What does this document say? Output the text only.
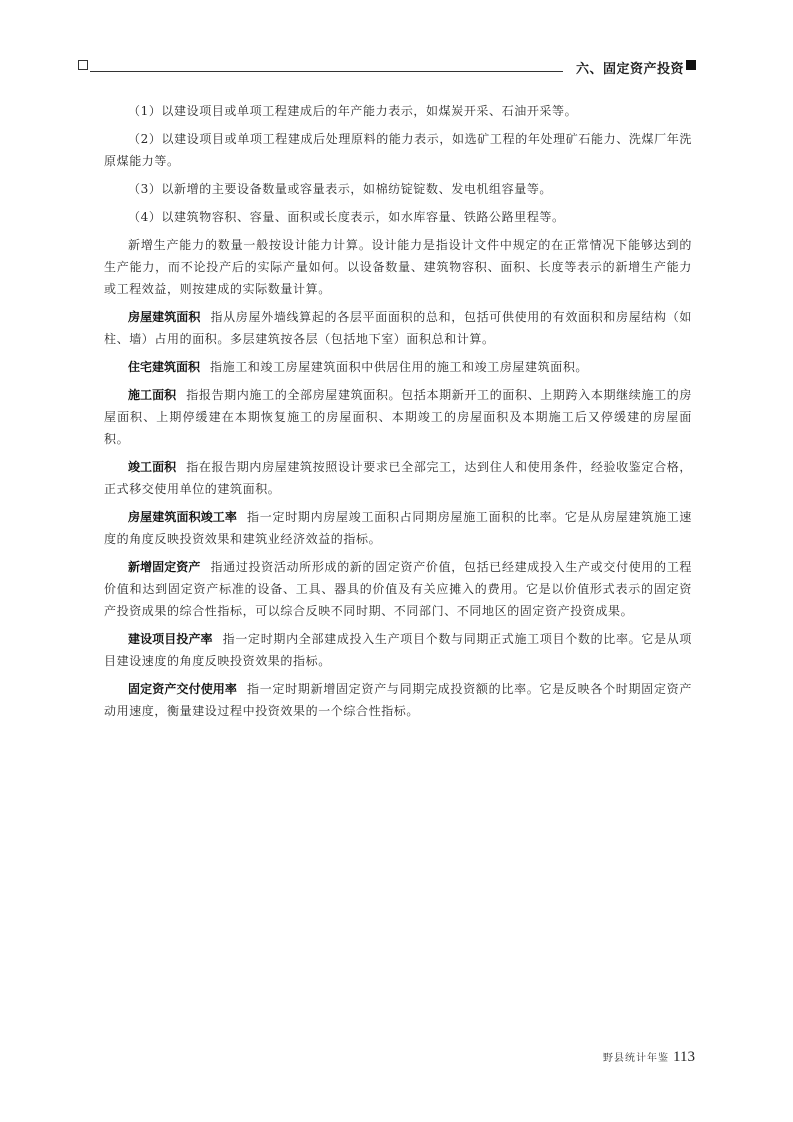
六、固定资产投资

（1）以建设项目或单项工程建成后的年产能力表示，如煤炭开采、石油开采等。

（2）以建设项目或单项工程建成后处理原料的能力表示，如选矿工程的年处理矿石能力、洗煤厂年洗原煤能力等。

（3）以新增的主要设备数量或容量表示，如棉纺锭锭数、发电机组容量等。

（4）以建筑物容积、容量、面积或长度表示，如水库容量、铁路公路里程等。

新增生产能力的数量一般按设计能力计算。设计能力是指设计文件中规定的在正常情况下能够达到的生产能力，而不论投产后的实际产量如何。以设备数量、建筑物容积、面积、长度等表示的新增生产能力或工程效益，则按建成的实际数量计算。

房屋建筑面积 指从房屋外墙线算起的各层平面面积的总和，包括可供使用的有效面积和房屋结构（如柱、墙）占用的面积。多层建筑按各层（包括地下室）面积总和计算。

住宅建筑面积 指施工和竣工房屋建筑面积中供居住用的施工和竣工房屋建筑面积。

施工面积 指报告期内施工的全部房屋建筑面积。包括本期新开工的面积、上期跨入本期继续施工的房屋面积、上期停缓建在本期恢复施工的房屋面积、本期竣工的房屋面积及本期施工后又停缓建的房屋面积。

竣工面积 指在报告期内房屋建筑按照设计要求已全部完工，达到住人和使用条件，经验收鉴定合格，正式移交使用单位的建筑面积。

房屋建筑面积竣工率 指一定时期内房屋竣工面积占同期房屋施工面积的比率。它是从房屋建筑施工速度的角度反映投资效果和建筑业经济效益的指标。

新增固定资产 指通过投资活动所形成的新的固定资产价值，包括已经建成投入生产或交付使用的工程价值和达到固定资产标准的设备、工具、器具的价值及有关应摊入的费用。它是以价值形式表示的固定资产投资成果的综合性指标，可以综合反映不同时期、不同部门、不同地区的固定资产投资成果。

建设项目投产率 指一定时期内全部建成投入生产项目个数与同期正式施工项目个数的比率。它是从项目建设速度的角度反映投资效果的指标。

固定资产交付使用率 指一定时期新增固定资产与同期完成投资额的比率。它是反映各个时期固定资产动用速度，衡量建设过程中投资效果的一个综合性指标。

野县统计年鉴 113
